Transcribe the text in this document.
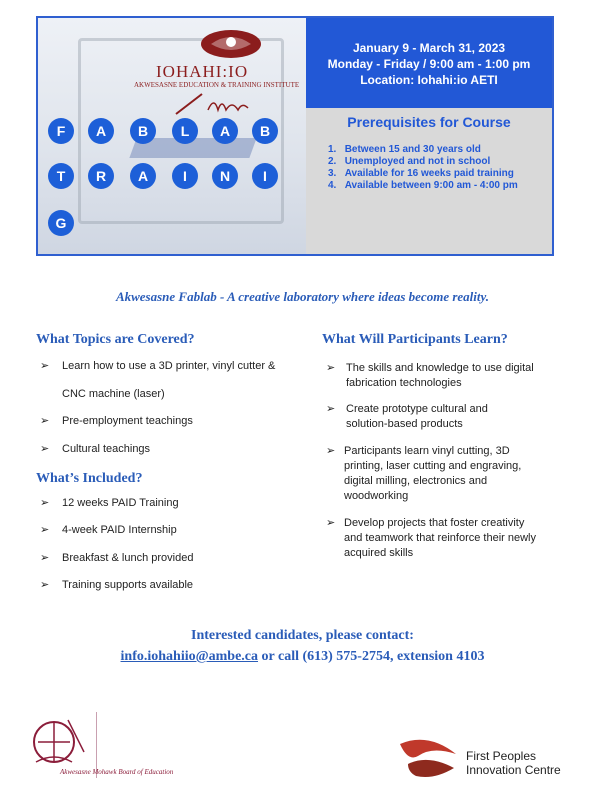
IOHAHI:IO
AKWESASNE EDUCATION & TRAINING INSTITUTE
F	A	B	L	A	B
T	R	A	I	N	I
G
January 9 - March 31, 2023
Monday - Friday / 9:00 am - 1:00 pm
Location: Iohahi:io AETI
Prerequisites for Course
1.   Between 15 and 30 years old
2.   Unemployed and not in school
3.   Available for 16 weeks paid training
4.   Available between 9:00 am - 4:00 pm
Akwesasne Fablab - A creative laboratory where ideas become reality.
What Topics are Covered?
➢ Learn how to use a 3D printer, vinyl cutter &
CNC machine (laser)
➢ Pre-employment teachings
➢ Cultural teachings
What’s Included?
➢ 12 weeks PAID Training
➢ 4-week PAID Internship
➢ Breakfast & lunch provided
➢ Training supports available
What Will Participants Learn?
➢ The skills and knowledge to use digital
fabrication technologies
➢ Create prototype cultural and
solution-based products
➢ Participants learn vinyl cutting, 3D
printing, laser cutting and engraving,
digital milling, electronics and
woodworking
➢ Develop projects that foster creativity
and teamwork that reinforce their newly
acquired skills
Interested candidates, please contact:
info.iohahiio@ambe.ca or call (613) 575-2754, extension 4103
Akwesasne Mohawk Board of Education
First Peoples
Innovation Centre
